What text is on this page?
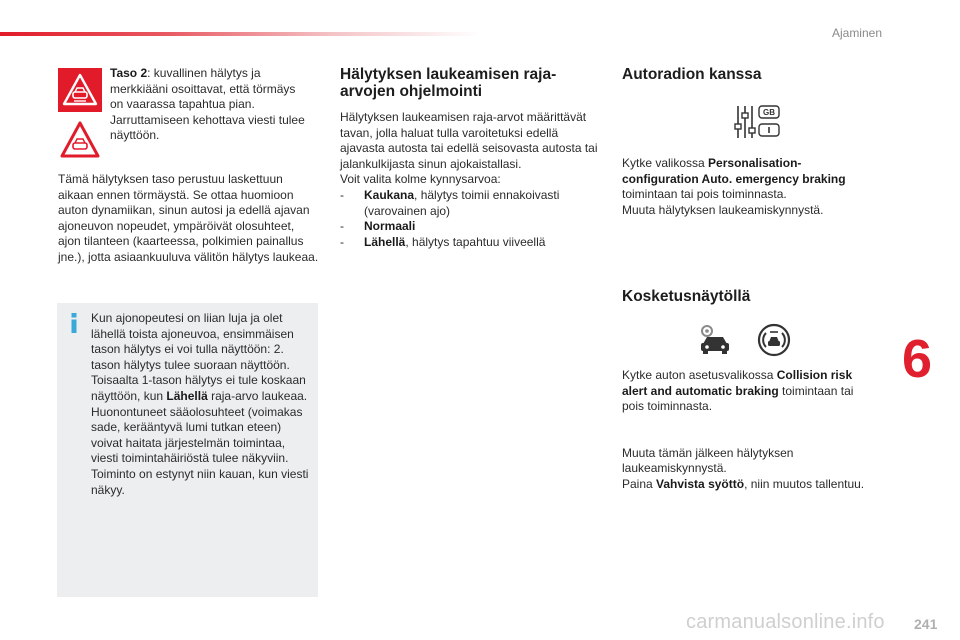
Ajaminen
6
241
carmanualsonline.info
Taso 2: kuvallinen hälytys ja merkkiääni osoittavat, että törmäys on vaarassa tapahtua pian. Jarruttamiseen kehottava viesti tulee näyttöön.
Tämä hälytyksen taso perustuu laskettuun aikaan ennen törmäystä. Se ottaa huomioon auton dynamiikan, sinun autosi ja edellä ajavan ajoneuvon nopeudet, ympäröivät olosuhteet, ajon tilanteen (kaarteessa, polkimien painallus jne.), jotta asiaankuuluva välitön hälytys laukeaa.
Kun ajonopeutesi on liian luja ja olet lähellä toista ajoneuvoa, ensimmäisen tason hälytys ei voi tulla näyttöön: 2. tason hälytys tulee suoraan näyttöön. Toisaalta 1-tason hälytys ei tule koskaan näyttöön, kun Lähellä raja-arvo laukeaa.
Huonontuneet sääolosuhteet (voimakas sade, kerääntyvä lumi tutkan eteen) voivat haitata järjestelmän toimintaa, viesti toimintahäiriöstä tulee näkyviin. Toiminto on estynyt niin kauan, kun viesti näkyy.
Hälytyksen laukeamisen raja-arvojen ohjelmointi
Hälytyksen laukeamisen raja-arvot määrittävät tavan, jolla haluat tulla varoitetuksi edellä ajavasta autosta tai edellä seisovasta autosta tai jalankulkijasta sinun ajokaistallasi.
Voit valita kolme kynnysarvoa:
- Kaukana, hälytys toimii ennakoivasti (varovainen ajo)
- Normaali
- Lähellä, hälytys tapahtuu viiveellä
Autoradion kanssa
GB
Kytke valikossa Personalisation-configuration Auto. emergency braking toimintaan tai pois toiminnasta.
Muuta hälytyksen laukeamiskynnystä.
Kosketusnäytöllä
Kytke auton asetusvalikossa Collision risk alert and automatic braking toimintaan tai pois toiminnasta.
Muuta tämän jälkeen hälytyksen laukeamiskynnystä.
Paina Vahvista syöttö, niin muutos tallentuu.
